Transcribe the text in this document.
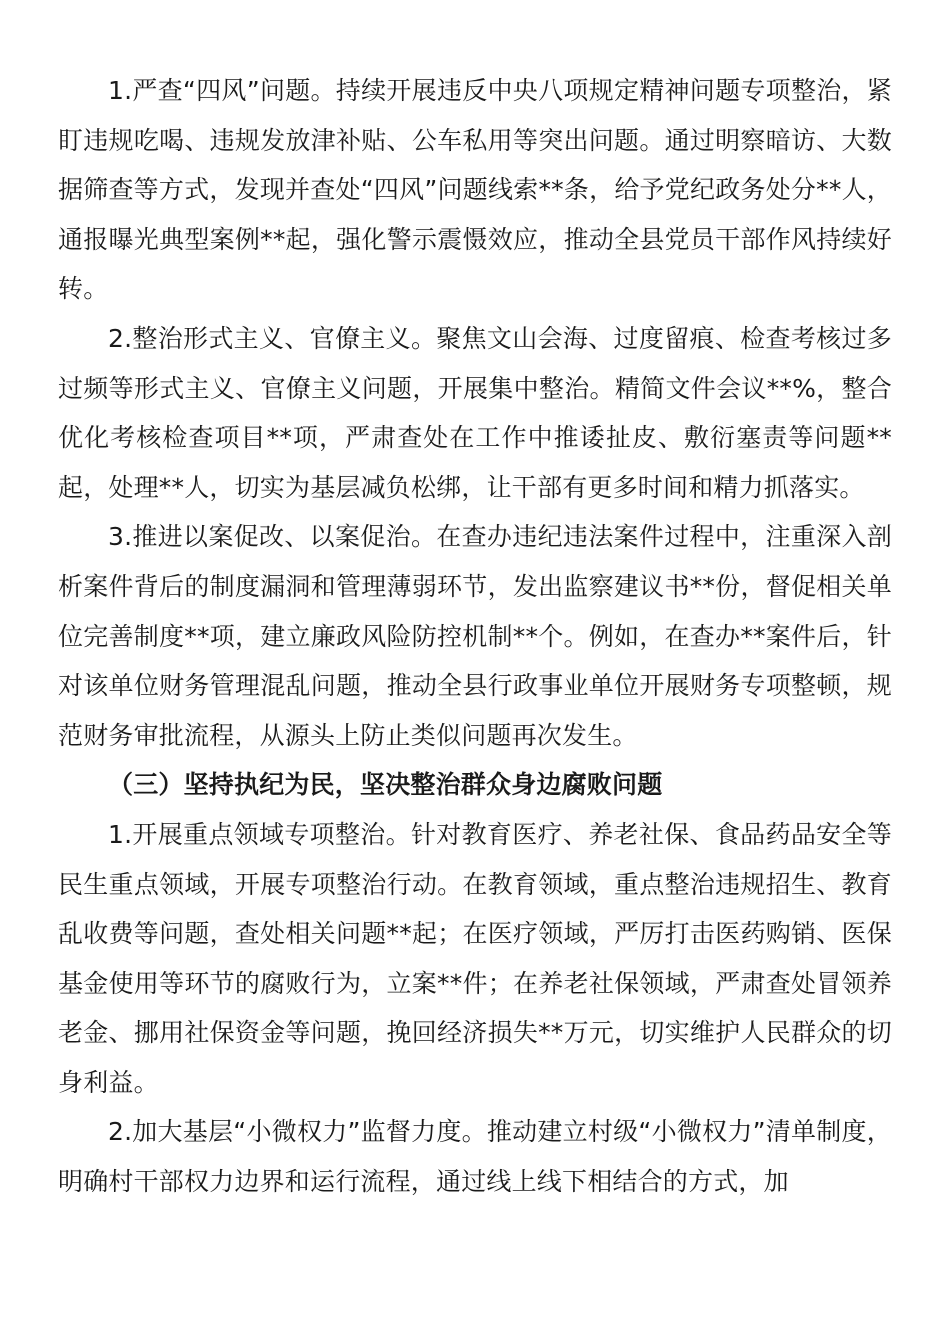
1.严查“四风”问题。持续开展违反中央八项规定精神问题专项整治，紧盯违规吃喝、违规发放津补贴、公车私用等突出问题。通过明察暗访、大数据筛查等方式，发现并查处“四风”问题线索**条，给予党纪政务处分**人，通报曝光典型案例**起，强化警示震慑效应，推动全县党员干部作风持续好转。

2.整治形式主义、官僚主义。聚焦文山会海、过度留痕、检查考核过多过频等形式主义、官僚主义问题，开展集中整治。精简文件会议**%，整合优化考核检查项目**项，严肃查处在工作中推诿扯皮、敷衍塞责等问题**起，处理**人，切实为基层减负松绑，让干部有更多时间和精力抓落实。

3.推进以案促改、以案促治。在查办违纪违法案件过程中，注重深入剖析案件背后的制度漏洞和管理薄弱环节，发出监察建议书**份，督促相关单位完善制度**项，建立廉政风险防控机制**个。例如，在查办**案件后，针对该单位财务管理混乱问题，推动全县行政事业单位开展财务专项整顿，规范财务审批流程，从源头上防止类似问题再次发生。

（三）坚持执纪为民，坚决整治群众身边腐败问题

1.开展重点领域专项整治。针对教育医疗、养老社保、食品药品安全等民生重点领域，开展专项整治行动。在教育领域，重点整治违规招生、教育乱收费等问题，查处相关问题**起；在医疗领域，严厉打击医药购销、医保基金使用等环节的腐败行为，立案**件；在养老社保领域，严肃查处冒领养老金、挪用社保资金等问题，挽回经济损失**万元，切实维护人民群众的切身利益。

2.加大基层“小微权力”监督力度。推动建立村级“小微权力”清单制度，明确村干部权力边界和运行流程，通过线上线下相结合的方式，加
